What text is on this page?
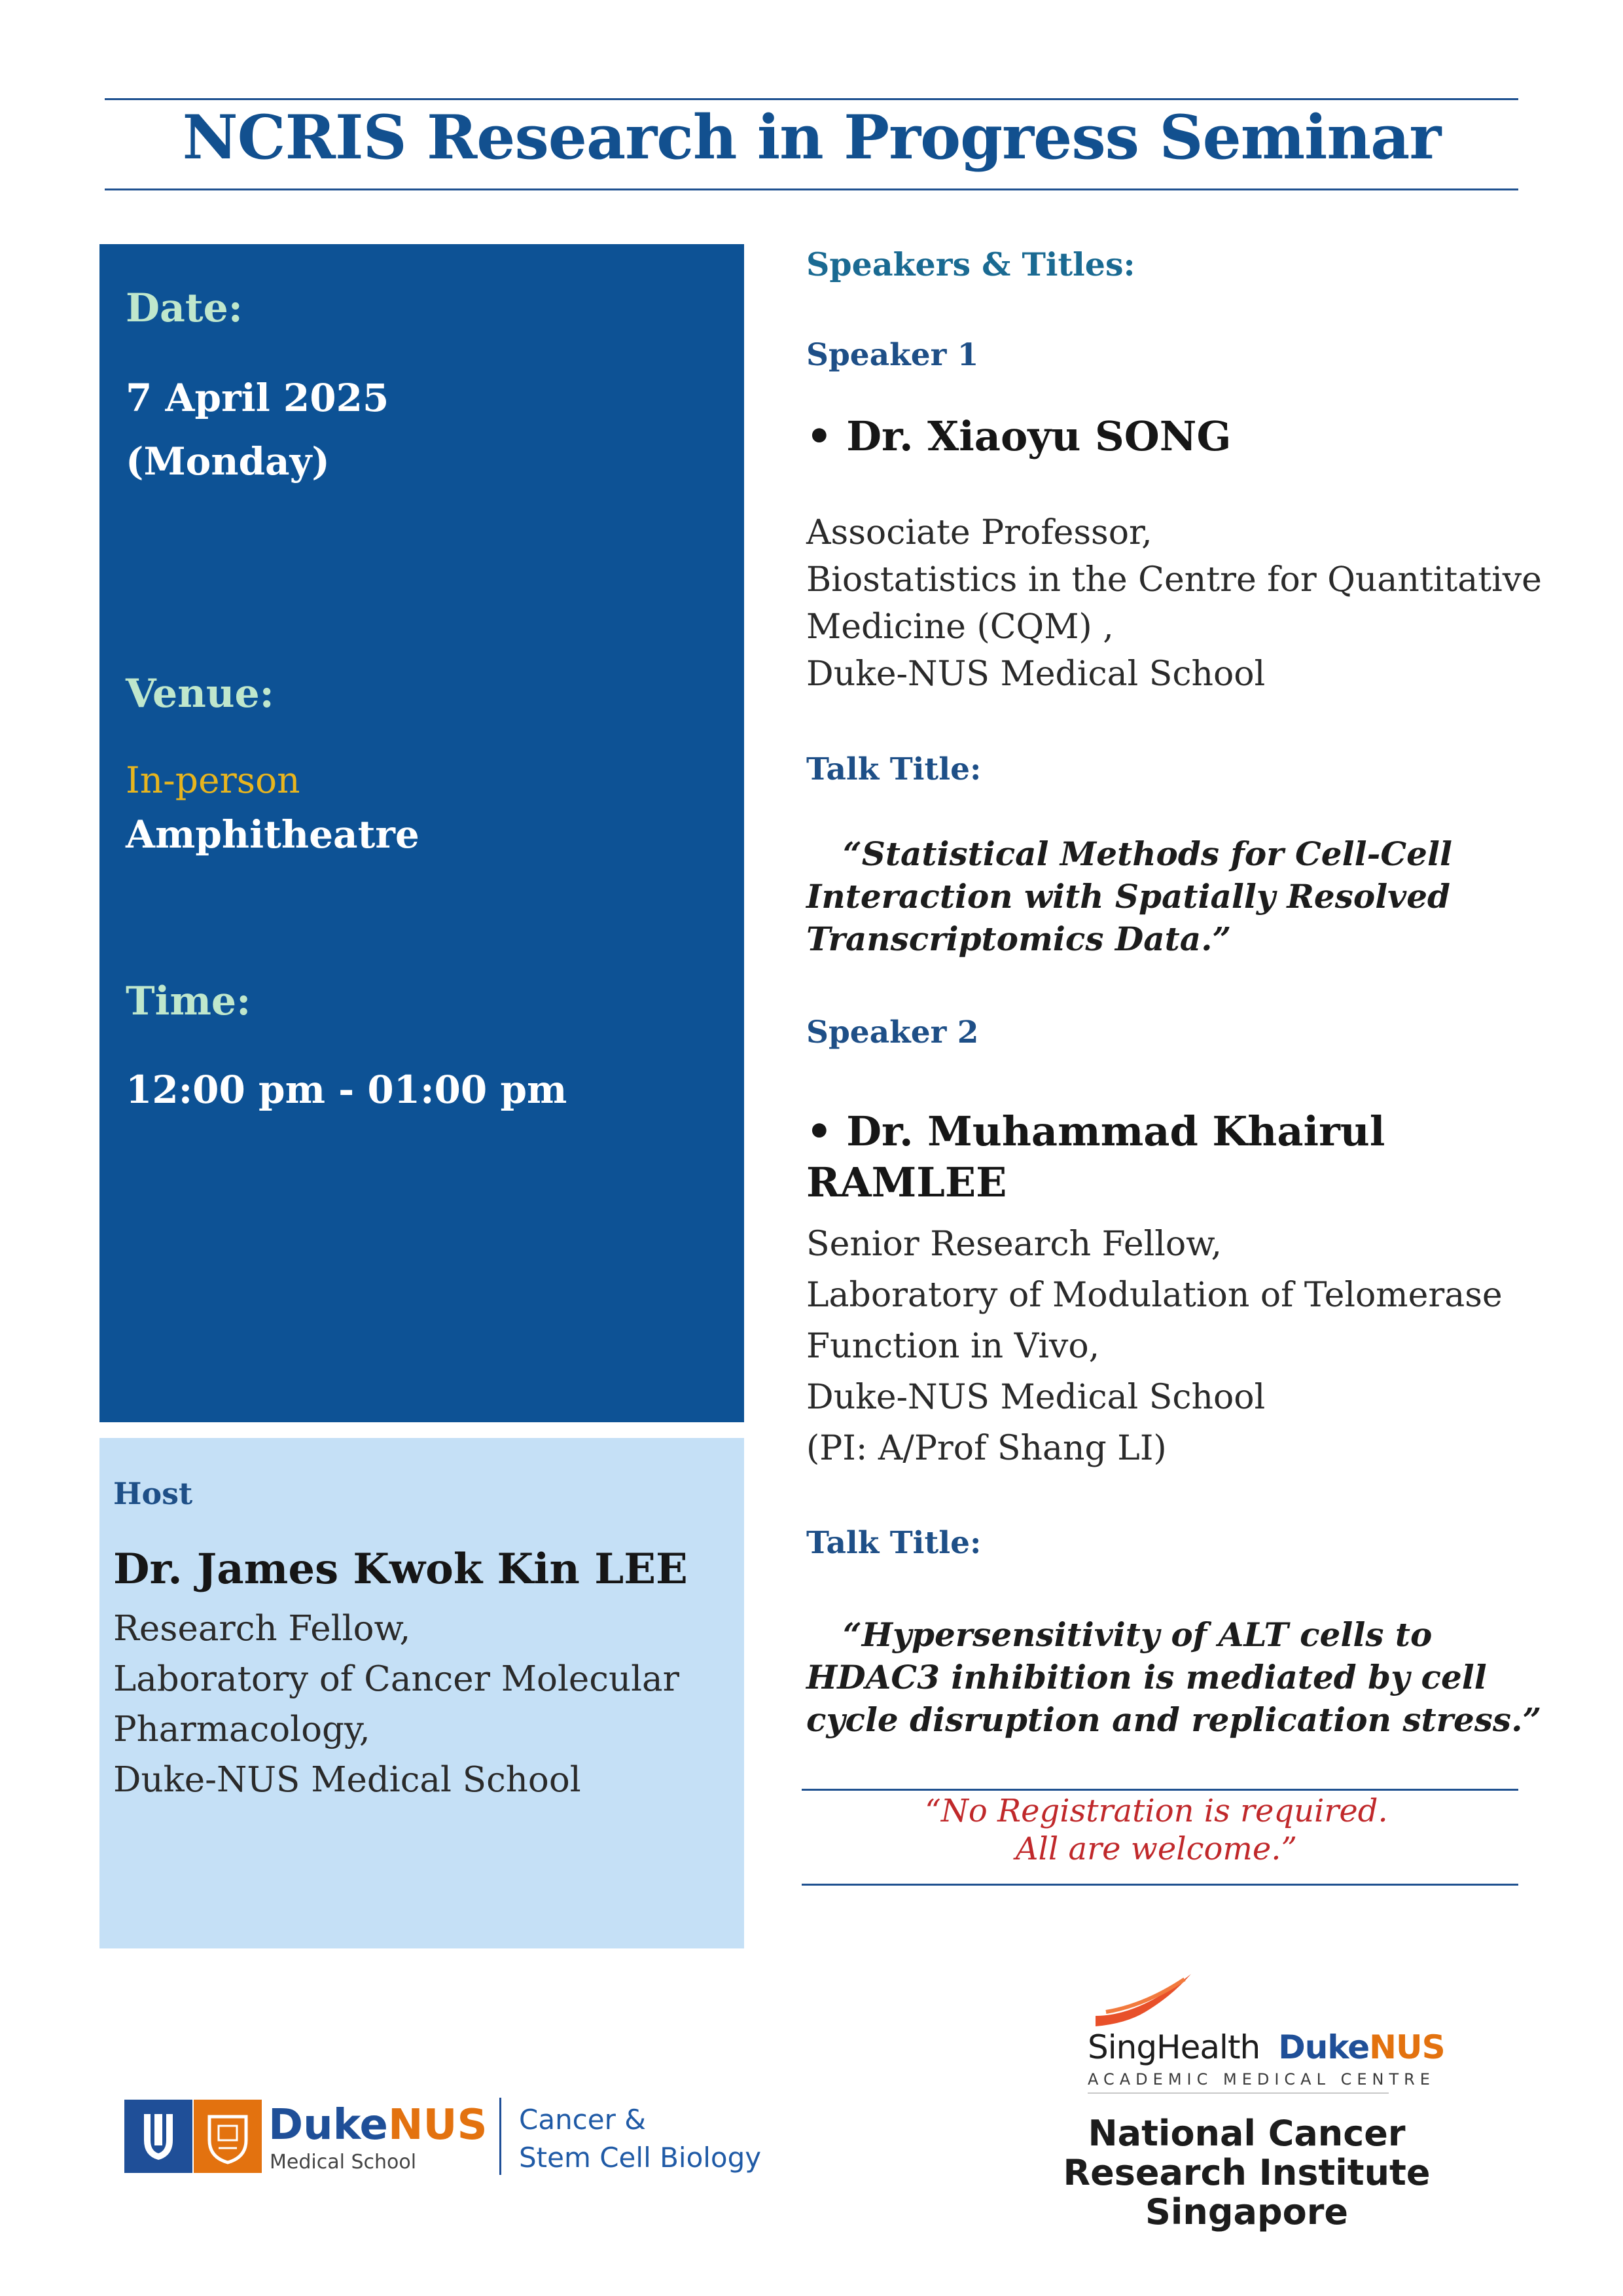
NCRIS Research in Progress Seminar
Date:
7 April 2025
(Monday)
Venue:
In-person
Amphitheatre
Time:
12:00 pm - 01:00 pm
Host
Dr. James Kwok Kin LEE
Research Fellow,
Laboratory of Cancer Molecular
Pharmacology,
Duke-NUS Medical School
Speakers & Titles:
Speaker 1
• Dr. Xiaoyu SONG
Associate Professor,
Biostatistics in the Centre for Quantitative
Medicine (CQM) ,
Duke-NUS Medical School
Talk Title:
“Statistical Methods for Cell-Cell
Interaction with Spatially Resolved
Transcriptomics Data.”
Speaker 2
• Dr. Muhammad Khairul
RAMLEE
Senior Research Fellow,
Laboratory of Modulation of Telomerase
Function in Vivo,
Duke-NUS Medical School
(PI: A/Prof Shang LI)
Talk Title:
“Hypersensitivity of ALT cells to
HDAC3 inhibition is mediated by cell
cycle disruption and replication stress.”
“No Registration is required.
All are welcome.”
DukeNUS
Medical School
Cancer &
Stem Cell Biology
SingHealth DukeNUS
ACADEMIC MEDICAL CENTRE
National Cancer
Research Institute Singapore
